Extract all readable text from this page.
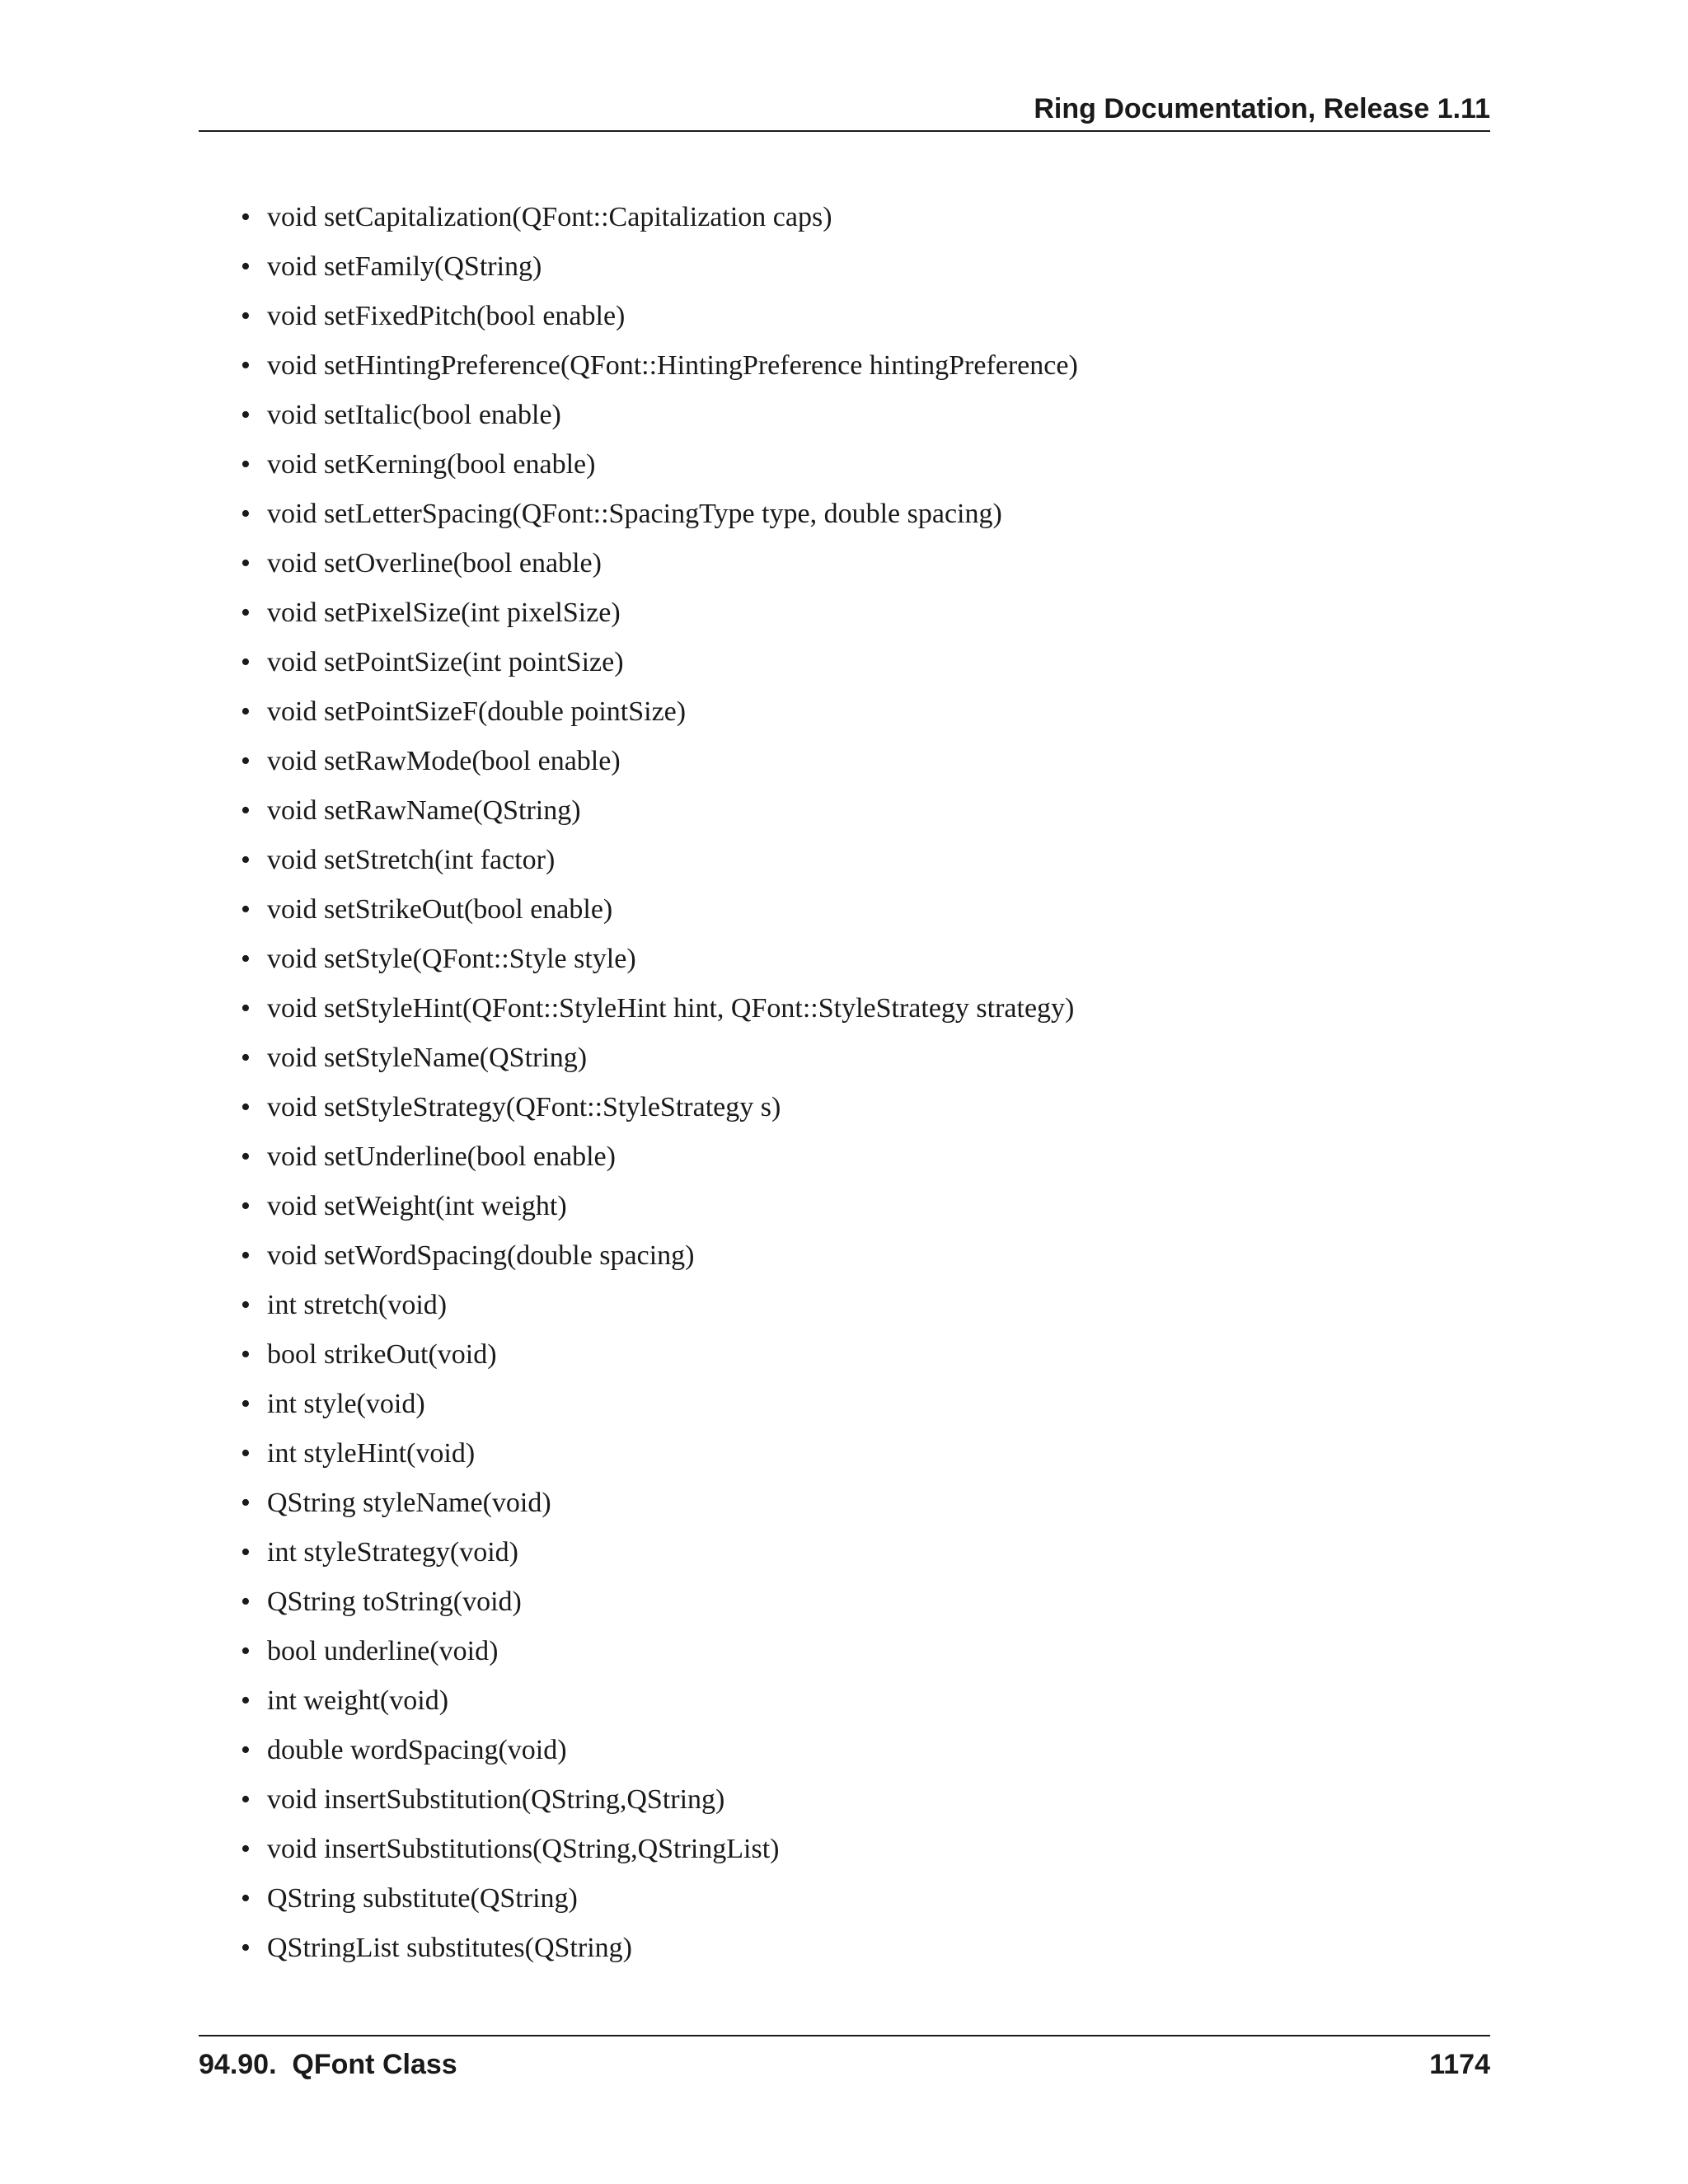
Ring Documentation, Release 1.11
• void setCapitalization(QFont::Capitalization caps)
• void setFamily(QString)
• void setFixedPitch(bool enable)
• void setHintingPreference(QFont::HintingPreference hintingPreference)
• void setItalic(bool enable)
• void setKerning(bool enable)
• void setLetterSpacing(QFont::SpacingType type, double spacing)
• void setOverline(bool enable)
• void setPixelSize(int pixelSize)
• void setPointSize(int pointSize)
• void setPointSizeF(double pointSize)
• void setRawMode(bool enable)
• void setRawName(QString)
• void setStretch(int factor)
• void setStrikeOut(bool enable)
• void setStyle(QFont::Style style)
• void setStyleHint(QFont::StyleHint hint, QFont::StyleStrategy strategy)
• void setStyleName(QString)
• void setStyleStrategy(QFont::StyleStrategy s)
• void setUnderline(bool enable)
• void setWeight(int weight)
• void setWordSpacing(double spacing)
• int stretch(void)
• bool strikeOut(void)
• int style(void)
• int styleHint(void)
• QString styleName(void)
• int styleStrategy(void)
• QString toString(void)
• bool underline(void)
• int weight(void)
• double wordSpacing(void)
• void insertSubstitution(QString,QString)
• void insertSubstitutions(QString,QStringList)
• QString substitute(QString)
• QStringList substitutes(QString)
94.90.  QFont Class	1174
